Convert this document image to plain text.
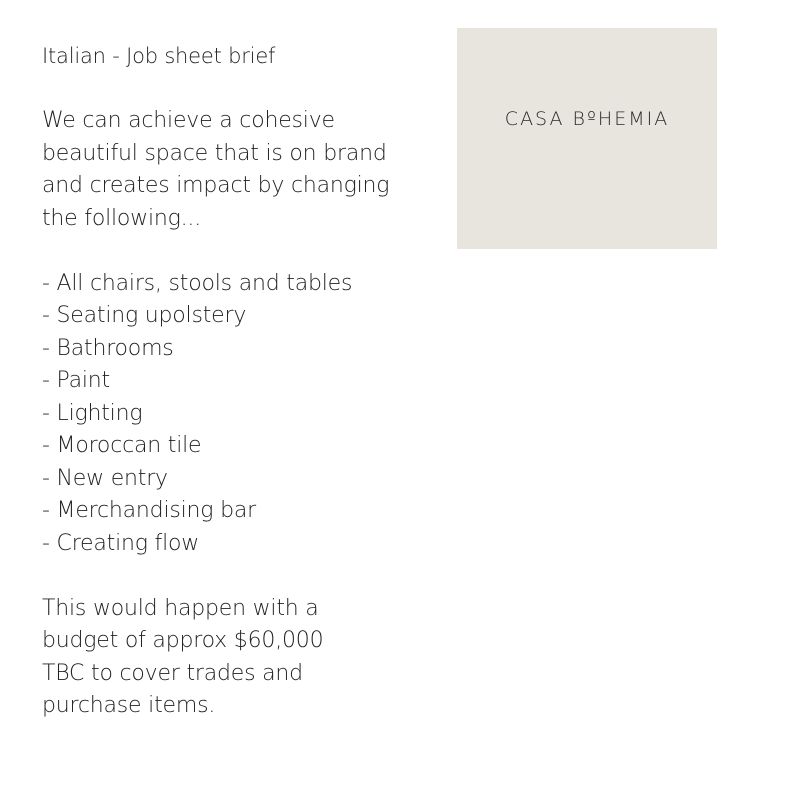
Italian - Job sheet brief

We can achieve a cohesive

beautiful space that is on brand

and creates impact by changing

the following...

- All chairs, stools and tables
- Seating upolstery
- Bathrooms
- Paint
- Lighting
- Moroccan tile
- New entry
- Merchandising bar
- Creating flow

This would happen with a

budget of approx $60,000

TBC to cover trades and

purchase items.

CASA BºHEMIA
